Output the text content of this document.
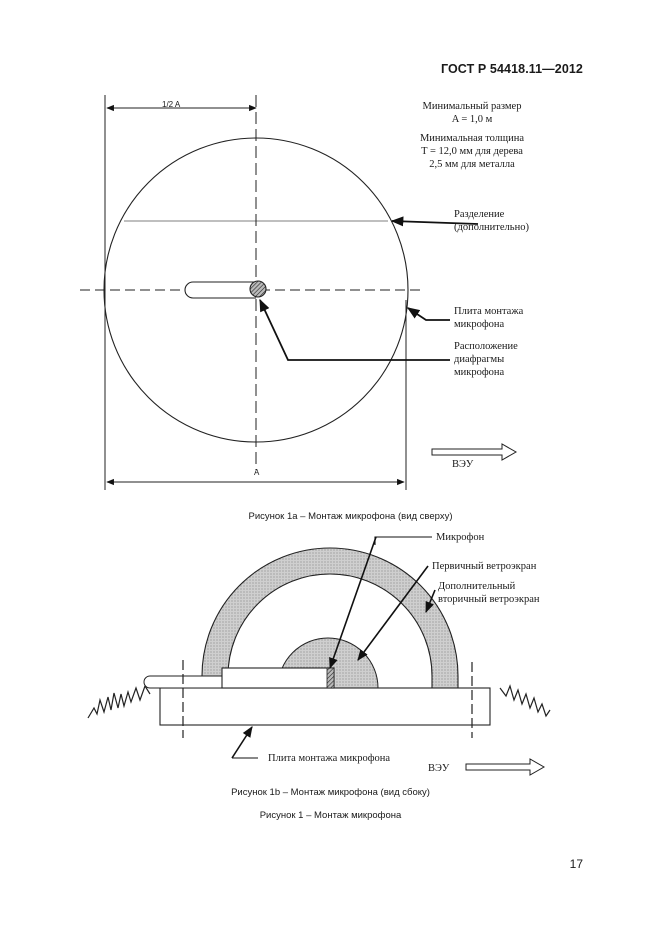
ГОСТ Р 54418.11—2012
1/2 A
A
Минимальный размер
A = 1,0 м
Минимальная толщина
T = 12,0 мм для дерева
2,5 мм для металла
Разделение
(дополнительно)
Плита монтажа
микрофона
Расположение
диафрагмы
микрофона
ВЭУ
Рисунок 1а – Монтаж микрофона (вид сверху)
Микрофон
Первичный ветроэкран
Дополнительный
вторичный ветроэкран
Плита монтажа микрофона
ВЭУ
Рисунок 1b – Монтаж микрофона (вид сбоку)
Рисунок 1 – Монтаж микрофона
17
